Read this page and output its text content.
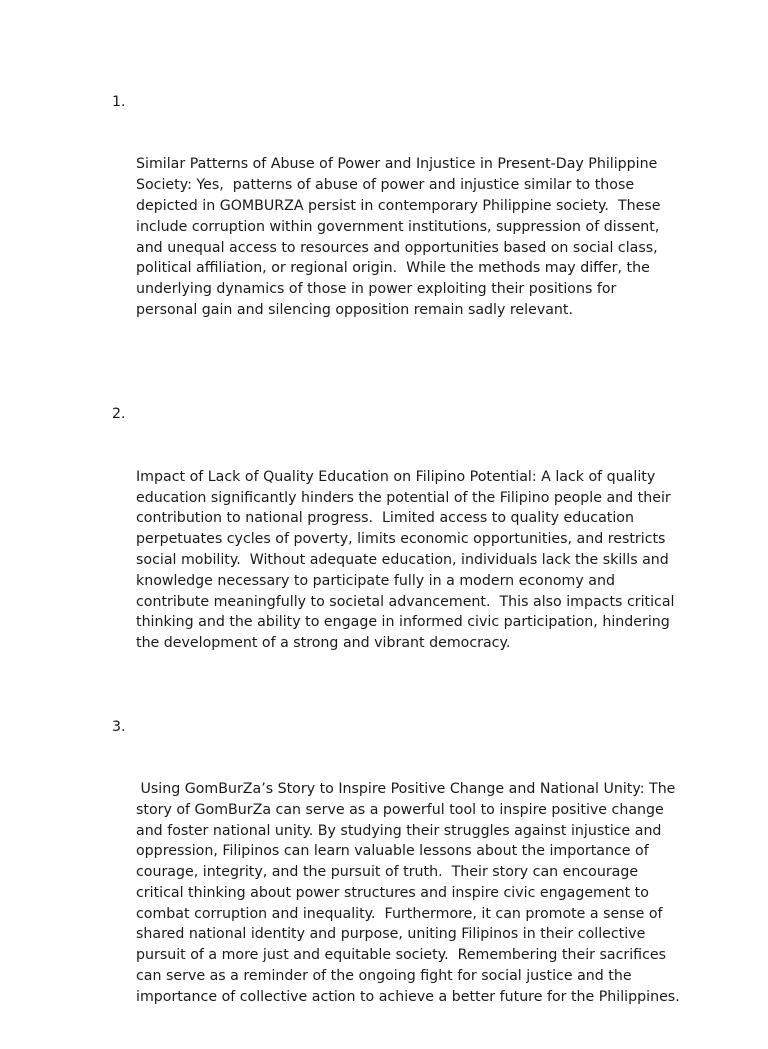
1.

Similar Patterns of Abuse of Power and Injustice in Present-Day Philippine Society: Yes,  patterns of abuse of power and injustice similar to those depicted in GOMBURZA persist in contemporary Philippine society.  These include corruption within government institutions, suppression of dissent, and unequal access to resources and opportunities based on social class, political affiliation, or regional origin.  While the methods may differ, the underlying dynamics of those in power exploiting their positions for personal gain and silencing opposition remain sadly relevant.

2.

Impact of Lack of Quality Education on Filipino Potential: A lack of quality education significantly hinders the potential of the Filipino people and their contribution to national progress.  Limited access to quality education perpetuates cycles of poverty, limits economic opportunities, and restricts social mobility.  Without adequate education, individuals lack the skills and knowledge necessary to participate fully in a modern economy and contribute meaningfully to societal advancement.  This also impacts critical thinking and the ability to engage in informed civic participation, hindering the development of a strong and vibrant democracy.

3.

Using GomBurZa’s Story to Inspire Positive Change and National Unity: The story of GomBurZa can serve as a powerful tool to inspire positive change and foster national unity. By studying their struggles against injustice and oppression, Filipinos can learn valuable lessons about the importance of courage, integrity, and the pursuit of truth.  Their story can encourage critical thinking about power structures and inspire civic engagement to combat corruption and inequality.  Furthermore, it can promote a sense of shared national identity and purpose, uniting Filipinos in their collective pursuit of a more just and equitable society.  Remembering their sacrifices can serve as a reminder of the ongoing fight for social justice and the importance of collective action to achieve a better future for the Philippines.
